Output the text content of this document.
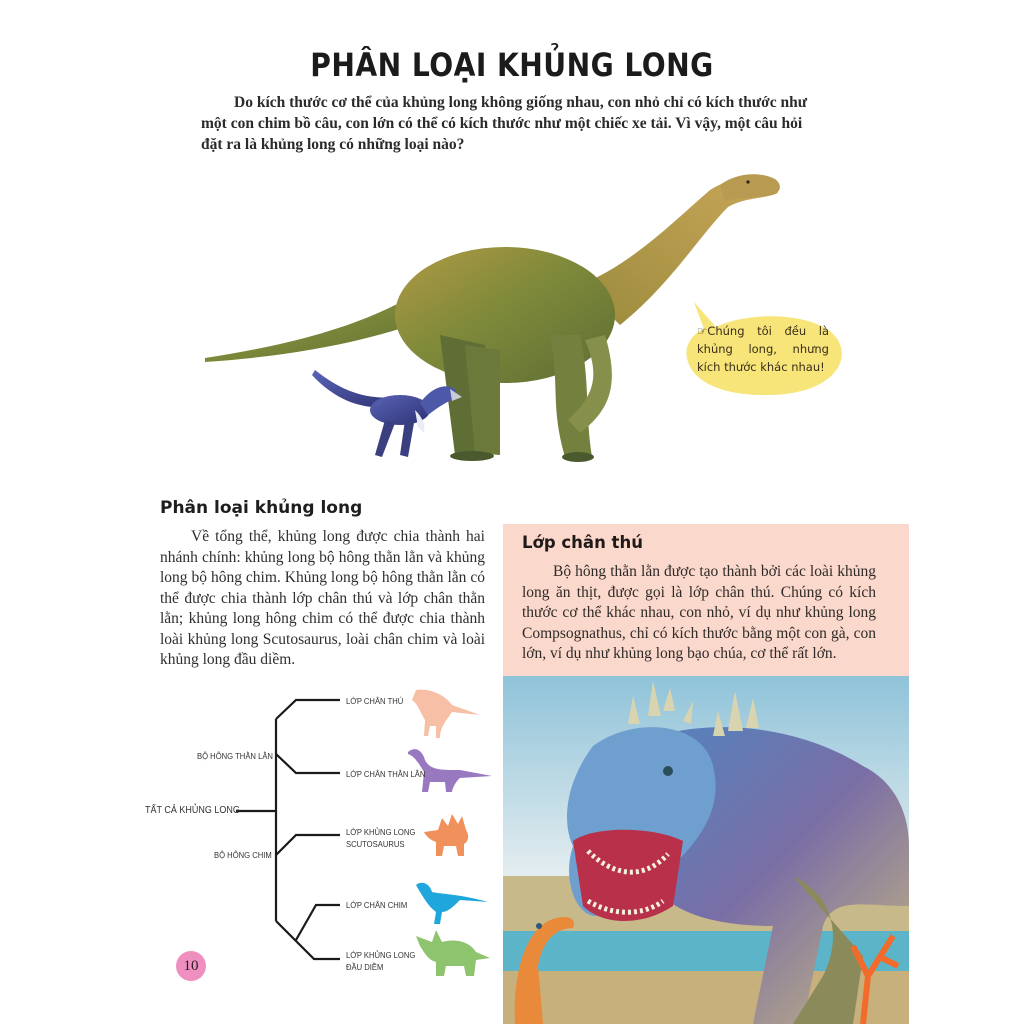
PHÂN LOẠI KHỦNG LONG

Do kích thước cơ thể của khủng long không giống nhau, con nhỏ chỉ có kích thước như một con chim bồ câu, con lớn có thể có kích thước như một chiếc xe tải. Vì vậy, một câu hỏi đặt ra là khủng long có những loại nào?

☞Chúng tôi đều là khủng long, nhưng kích thước khác nhau!
Phân loại khủng long

Về tổng thể, khủng long được chia thành hai nhánh chính: khủng long bộ hông thằn lằn và khủng long bộ hông chim. Khủng long bộ hông thằn lằn có thể được chia thành lớp chân thú và lớp chân thằn lằn; khủng long hông chim có thể được chia thành loài khủng long Scutosaurus, loài chân chim và loài khủng long đầu diềm.

Lớp chân thú

Bộ hông thằn lằn được tạo thành bởi các loài khủng long ăn thịt, được gọi là lớp chân thú. Chúng có kích thước cơ thể khác nhau, con nhỏ, ví dụ như khủng long Compsognathus, chỉ có kích thước bằng một con gà, con lớn, ví dụ như khủng long bạo chúa, cơ thể rất lớn.

TẤT CẢ KHỦNG LONG
BỘ HÔNG THẰN LẰN
BỘ HÔNG CHIM
LỚP CHÂN THÚ
LỚP CHÂN THẰN LẰN
LỚP KHỦNG LONG
SCUTOSAURUS
LỚP CHÂN CHIM
LỚP KHỦNG LONG
ĐẦU DIỀM
10
